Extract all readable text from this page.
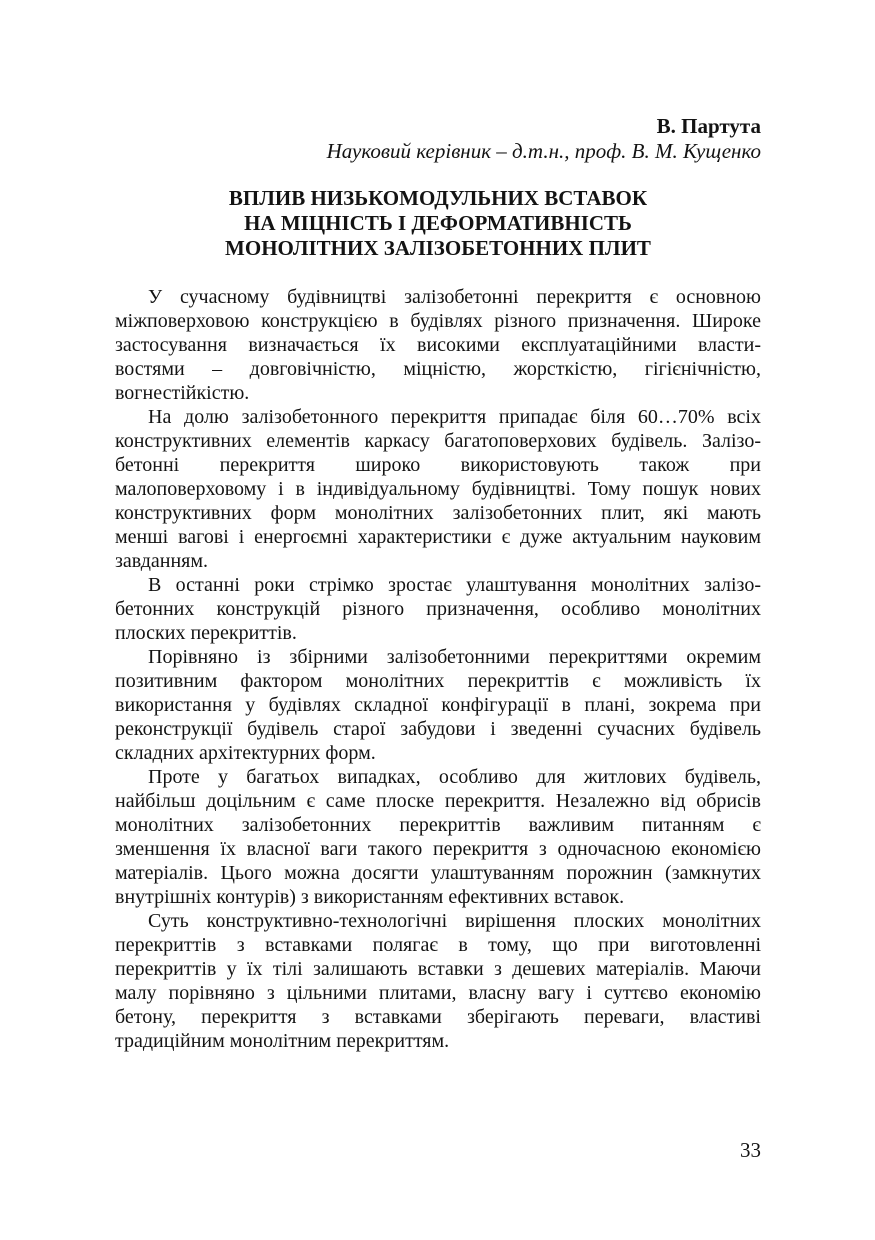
В. Партута
Науковий керівник – д.т.н., проф. В. М. Кущенко
ВПЛИВ НИЗЬКОМОДУЛЬНИХ ВСТАВОК
НА МІЦНІСТЬ І ДЕФОРМАТИВНІСТЬ
МОНОЛІТНИХ ЗАЛІЗОБЕТОННИХ ПЛИТ
У сучасному будівництві залізобетонні перекриття є основною
міжповерховою конструкцією в будівлях різного призначення. Широке
застосування визначається їх високими експлуатаційними власти-
востями – довговічністю, міцністю, жорсткістю, гігієнічністю,
вогнестійкістю.
На долю залізобетонного перекриття припадає біля 60…70% всіх
конструктивних елементів каркасу багатоповерхових будівель. Залізо-
бетонні перекриття широко використовують також при
малоповерховому і в індивідуальному будівництві. Тому пошук нових
конструктивних форм монолітних залізобетонних плит, які мають
менші вагові і енергоємні характеристики є дуже актуальним науковим
завданням.
В останні роки стрімко зростає улаштування монолітних залізо-
бетонних конструкцій різного призначення, особливо монолітних
плоских перекриттів.
Порівняно із збірними залізобетонними перекриттями окремим
позитивним фактором монолітних перекриттів є можливість їх
використання у будівлях складної конфігурації в плані, зокрема при
реконструкції будівель старої забудови і зведенні сучасних будівель
складних архітектурних форм.
Проте у багатьох випадках, особливо для житлових будівель,
найбільш доцільним є саме плоске перекриття. Незалежно від обрисів
монолітних залізобетонних перекриттів важливим питанням є
зменшення їх власної ваги такого перекриття з одночасною економією
матеріалів. Цього можна досягти улаштуванням порожнин (замкнутих
внутрішніх контурів) з використанням ефективних вставок.
Суть конструктивно-технологічні вирішення плоских монолітних
перекриттів з вставками полягає в тому, що при виготовленні
перекриттів у їх тілі залишають вставки з дешевих матеріалів. Маючи
малу порівняно з цільними плитами, власну вагу і суттєво економію
бетону, перекриття з вставками зберігають переваги, властиві
традиційним монолітним перекриттям.
33
